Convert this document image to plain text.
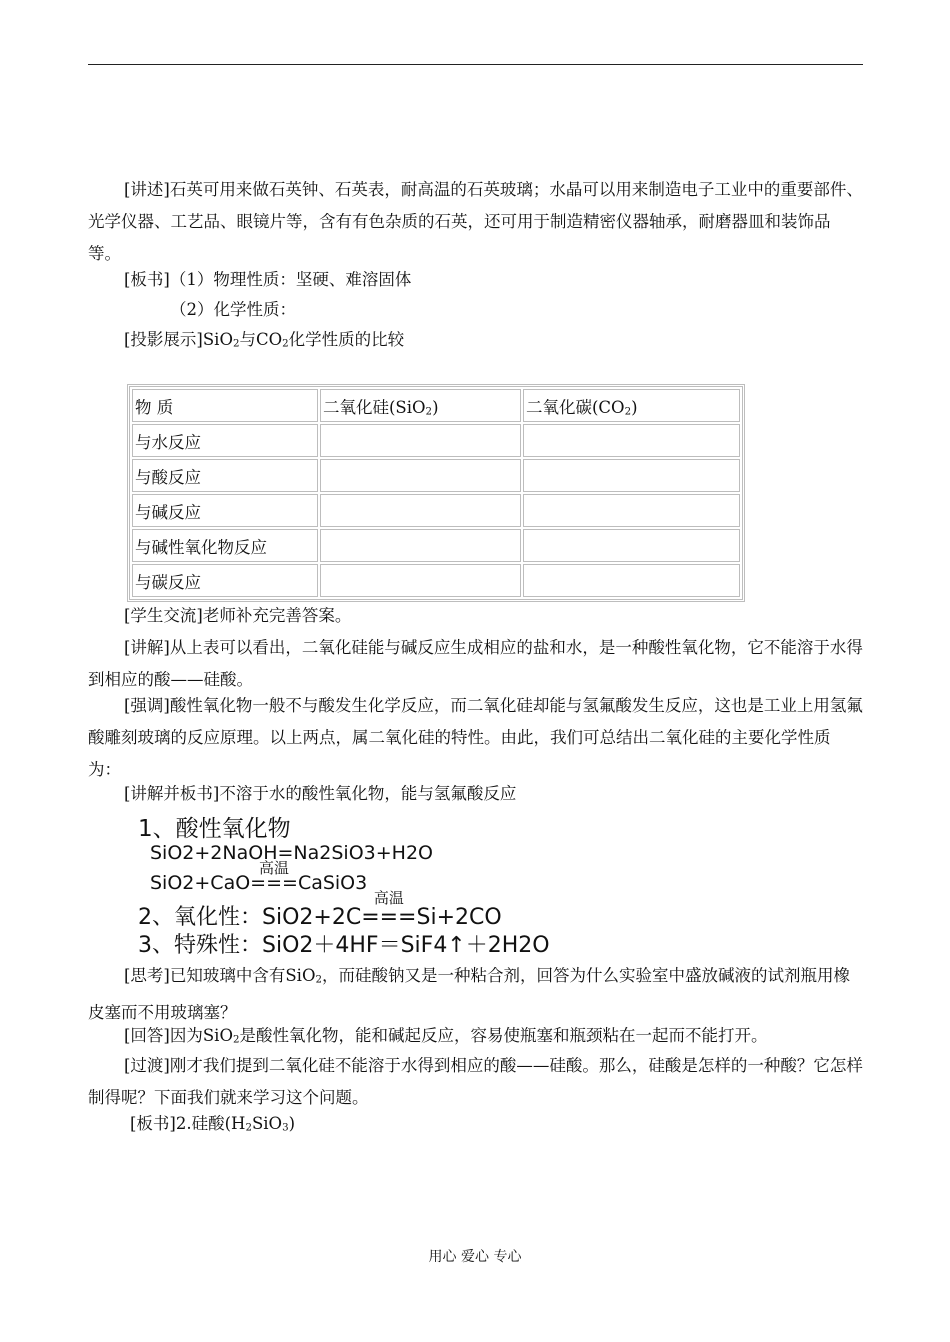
[讲述]石英可用来做石英钟、石英表，耐高温的石英玻璃；水晶可以用来制造电子工业中的重要部件、光学仪器、工艺品、眼镜片等，含有有色杂质的石英，还可用于制造精密仪器轴承，耐磨器皿和装饰品等。

[板书]（1）物理性质：坚硬、难溶固体
（2）化学性质：
[投影展示]SiO$_2$与$CO_2$化学性质的比较
物 质	二氧化硅(SiO$_2$)	二氧化碳$(CO_2)$
与水反应		
与酸反应		
与碱反应		
与碱性氧化物反应		
与碳反应		
[学生交流]老师补充完善答案。

[讲解]从上表可以看出，二氧化硅能与碱反应生成相应的盐和水，是一种酸性氧化物，它不能溶于水得到相应的酸——硅酸。

[强调]酸性氧化物一般不与酸发生化学反应，而二氧化硅却能与氢氟酸发生反应，这也是工业上用氢氟酸雕刻玻璃的反应原理。以上两点，属二氧化硅的特性。由此，我们可总结出二氧化硅的主要化学性质为：

[讲解并板书]不溶于水的酸性氧化物，能与氢氟酸反应
1、酸性氧化物
SiO2+2NaOH=Na2SiO3+H2O
SiO2+CaO
高温
===CaSiO3
2、氧化性：SiO2+2C
高温
===Si+2CO
3、特殊性：SiO2＋4HF＝SiF4↑＋2H2O

[思考]已知玻璃中含有SiO$_2$，而硅酸钠又是一种粘合剂，回答为什么实验室中盛放碱液的试剂瓶用橡皮塞而不用玻璃塞？

[回答]因为SiO$_2$是酸性氧化物，能和碱起反应，容易使瓶塞和瓶颈粘在一起而不能打开。

[过渡]刚才我们提到二氧化硅不能溶于水得到相应的酸——硅酸。那么，硅酸是怎样的一种酸？它怎样制得呢？下面我们就来学习这个问题。

[板书]2.硅酸$(H_2SiO_3)$
用心 爱心 专心
